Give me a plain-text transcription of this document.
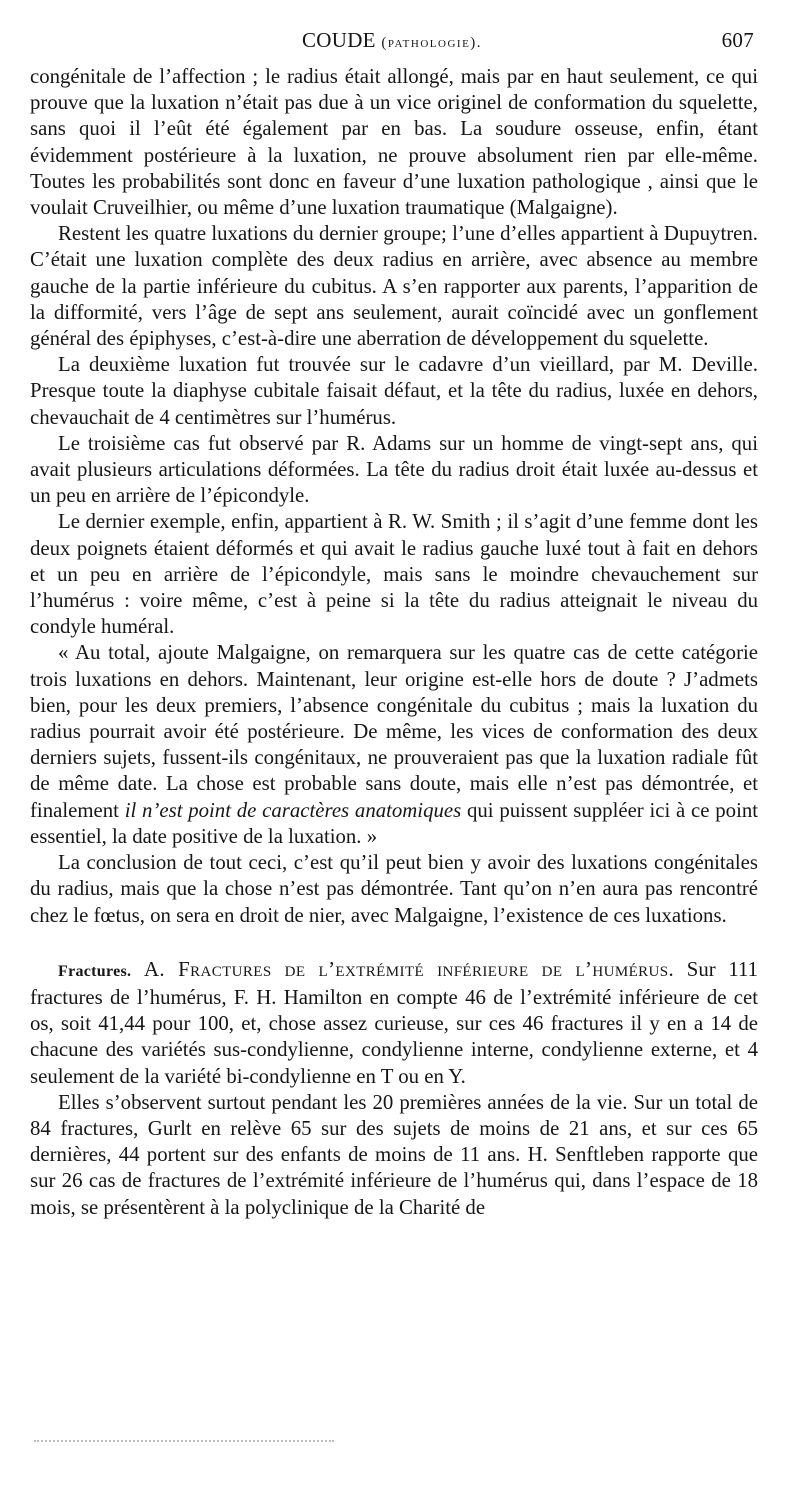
COUDE (pathologie).	607

congénitale de l’affection ; le radius était allongé, mais par en haut seulement, ce qui prouve que la luxation n’était pas due à un vice originel de conformation du squelette, sans quoi il l’eût été également par en bas. La soudure osseuse, enfin, étant évidemment postérieure à la luxation, ne prouve absolument rien par elle-même. Toutes les probabilités sont donc en faveur d’une luxation pathologique , ainsi que le voulait Cruveilhier, ou même d’une luxation traumatique (Malgaigne).

Restent les quatre luxations du dernier groupe; l’une d’elles appartient à Dupuytren. C’était une luxation complète des deux radius en arrière, avec absence au membre gauche de la partie inférieure du cubitus. A s’en rapporter aux parents, l’apparition de la difformité, vers l’âge de sept ans seulement, aurait coïncidé avec un gonflement général des épiphyses, c’est-à-dire une aberration de développement du squelette.

La deuxième luxation fut trouvée sur le cadavre d’un vieillard, par M. Deville. Presque toute la diaphyse cubitale faisait défaut, et la tête du radius, luxée en dehors, chevauchait de 4 centimètres sur l’humérus.

Le troisième cas fut observé par R. Adams sur un homme de vingt-sept ans, qui avait plusieurs articulations déformées. La tête du radius droit était luxée au-dessus et un peu en arrière de l’épicondyle.

Le dernier exemple, enfin, appartient à R. W. Smith ; il s’agit d’une femme dont les deux poignets étaient déformés et qui avait le radius gauche luxé tout à fait en dehors et un peu en arrière de l’épicondyle, mais sans le moindre chevauchement sur l’humérus : voire même, c’est à peine si la tête du radius atteignait le niveau du condyle huméral.

« Au total, ajoute Malgaigne, on remarquera sur les quatre cas de cette catégorie trois luxations en dehors. Maintenant, leur origine est-elle hors de doute ? J’admets bien, pour les deux premiers, l’absence congénitale du cubitus ; mais la luxation du radius pourrait avoir été postérieure. De même, les vices de conformation des deux derniers sujets, fussent-ils congénitaux, ne prouveraient pas que la luxation radiale fût de même date. La chose est probable sans doute, mais elle n’est pas démontrée, et finalement il n’est point de caractères anatomiques qui puissent suppléer ici à ce point essentiel, la date positive de la luxation. »

La conclusion de tout ceci, c’est qu’il peut bien y avoir des luxations congénitales du radius, mais que la chose n’est pas démontrée. Tant qu’on n’en aura pas rencontré chez le fœtus, on sera en droit de nier, avec Malgaigne, l’existence de ces luxations.

Fractures. A. Fractures de l’extrémité inférieure de l’humérus. Sur 111 fractures de l’humérus, F. H. Hamilton en compte 46 de l’extrémité inférieure de cet os, soit 41,44 pour 100, et, chose assez curieuse, sur ces 46 fractures il y en a 14 de chacune des variétés sus-condylienne, condylienne interne, condylienne externe, et 4 seulement de la variété bi-condylienne en T ou en Y.

Elles s’observent surtout pendant les 20 premières années de la vie. Sur un total de 84 fractures, Gurlt en relève 65 sur des sujets de moins de 21 ans, et sur ces 65 dernières, 44 portent sur des enfants de moins de 11 ans. H. Senftleben rapporte que sur 26 cas de fractures de l’extrémité inférieure de l’humérus qui, dans l’espace de 18 mois, se présentèrent à la polyclinique de la Charité de
